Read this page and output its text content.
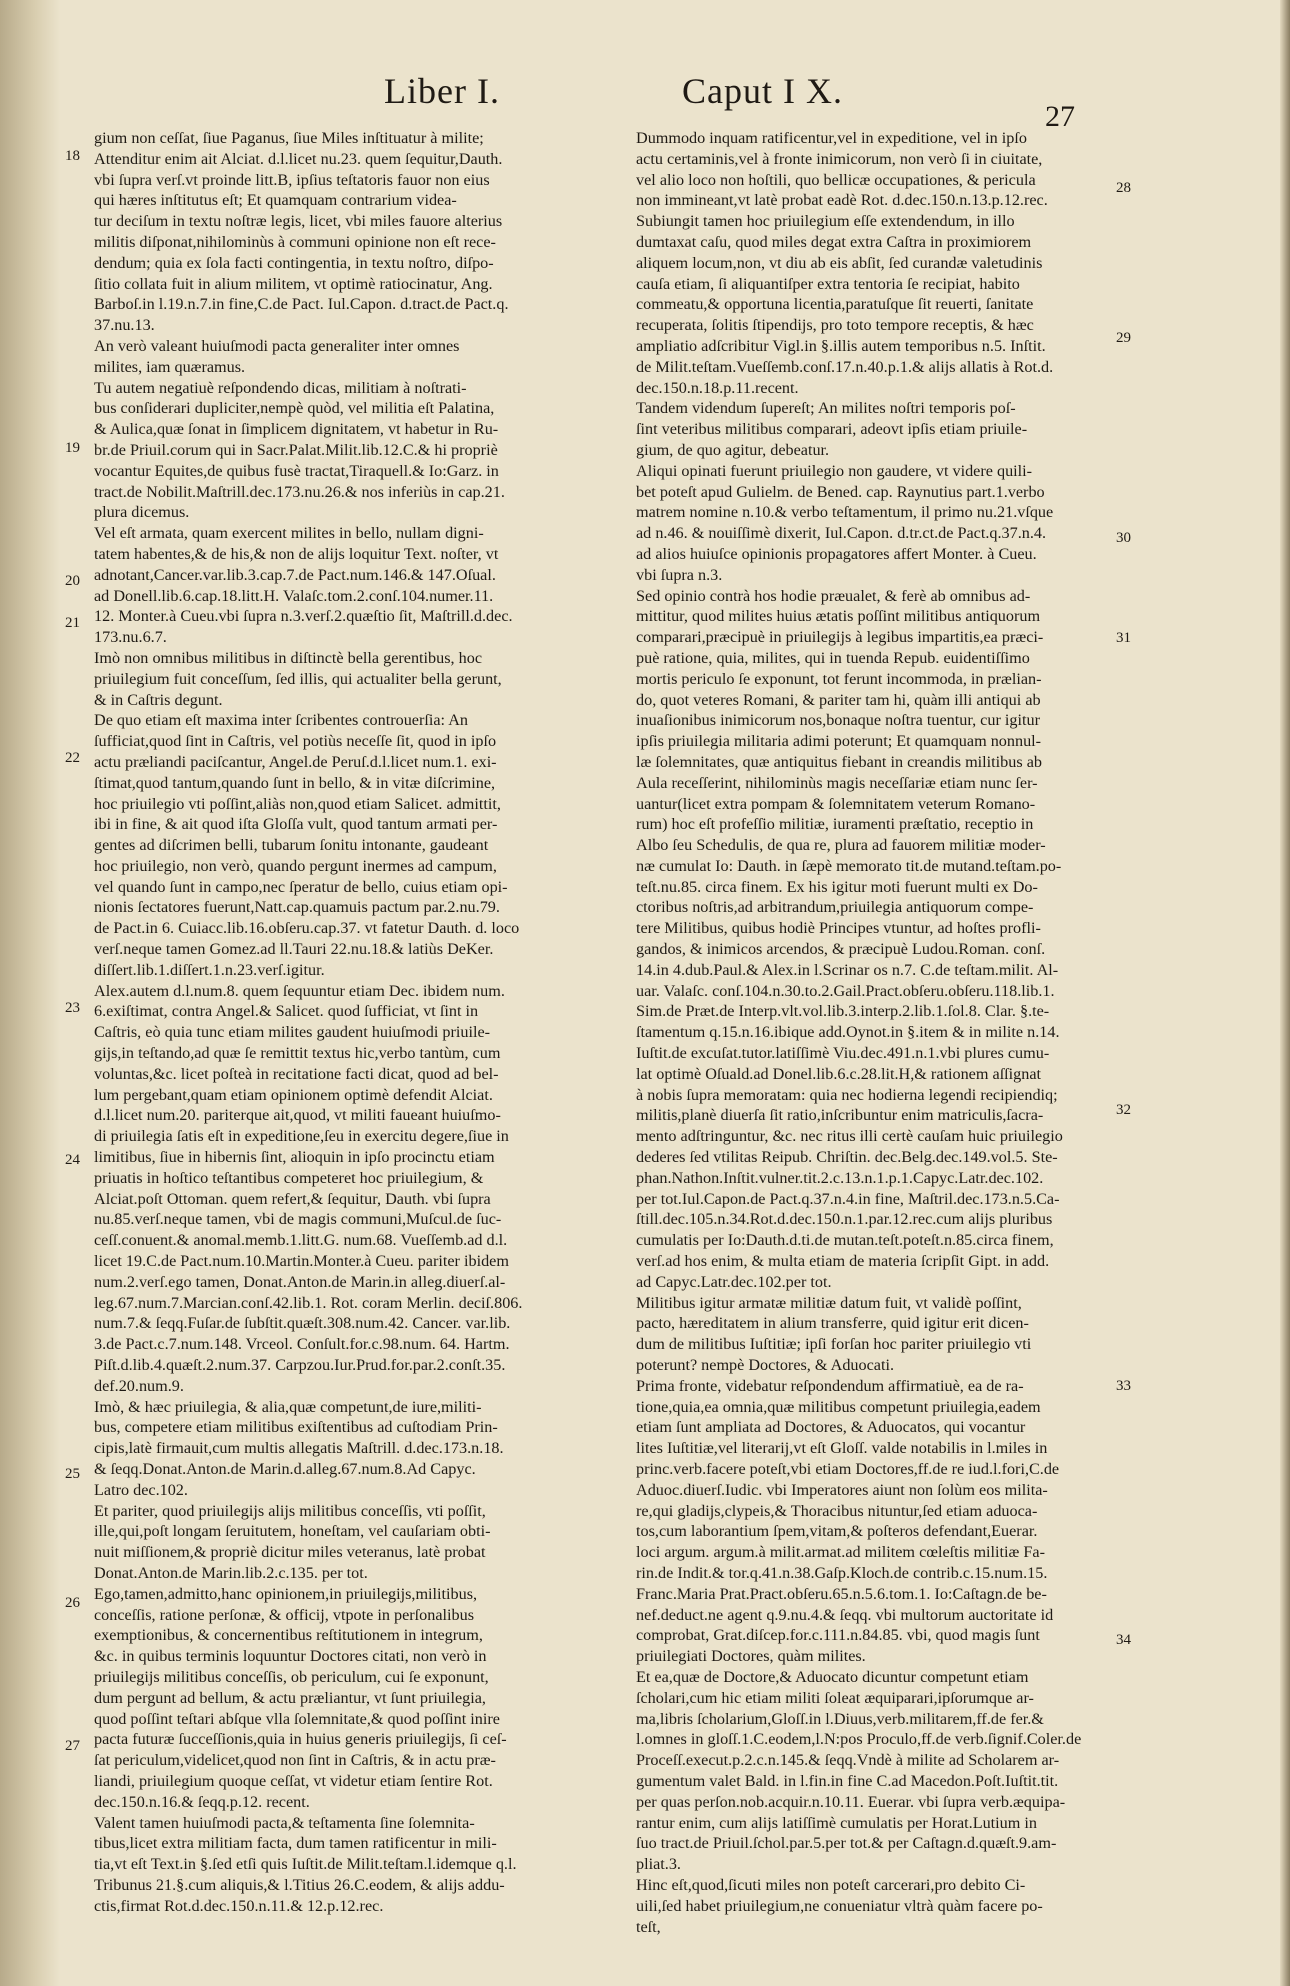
Liber I.	Caput I X.
27
gium non ceſſat, ſiue Paganus, ſiue Miles inſtituatur à milite;
Attenditur enim ait Alciat. d.l.licet nu.23. quem ſequitur,Dauth.
vbi ſupra verſ.vt proinde litt.B, ipſius teſtatoris fauor non eius
qui hæres inſtitutus eſt; Et quamquam contrarium videa-
tur deciſum in textu noſtræ legis, licet, vbi miles fauore alterius
militis diſponat,nihilominùs à communi opinione non eſt rece-
dendum; quia ex ſola facti contingentia, in textu noſtro, diſpo-
ſitio collata fuit in alium militem, vt optimè ratiocinatur, Ang.
Barboſ.in l.19.n.7.in fine,C.de Pact. Iul.Capon. d.tract.de Pact.q.
37.nu.13.
An verò valeant huiuſmodi pacta generaliter inter omnes
milites, iam quæramus.
Tu autem negatiuè reſpondendo dicas, militiam à noſtrati-
bus conſiderari dupliciter,nempè quòd, vel militia eſt Palatina,
& Aulica,quæ ſonat in ſimplicem dignitatem, vt habetur in Ru-
br.de Priuil.corum qui in Sacr.Palat.Milit.lib.12.C.& hi propriè
vocantur Equites,de quibus fusè tractat,Tiraquell.& Io:Garz. in
tract.de Nobilit.Maſtrill.dec.173.nu.26.& nos inferiùs in cap.21.
plura dicemus.
Vel eſt armata, quam exercent milites in bello, nullam digni-
tatem habentes,& de his,& non de alijs loquitur Text. noſter, vt
adnotant,Cancer.var.lib.3.cap.7.de Pact.num.146.& 147.Oſual.
ad Donell.lib.6.cap.18.litt.H. Valaſc.tom.2.conſ.104.numer.11.
12. Monter.à Cueu.vbi ſupra n.3.verſ.2.quæſtio ſit, Maſtrill.d.dec.
173.nu.6.7.
Imò non omnibus militibus in diſtinctè bella gerentibus, hoc
priuilegium fuit conceſſum, ſed illis, qui actualiter bella gerunt,
& in Caſtris degunt.
De quo etiam eſt maxima inter ſcribentes controuerſia: An
ſufficiat,quod ſint in Caſtris, vel potiùs neceſſe ſit, quod in ipſo
actu præliandi paciſcantur, Angel.de Peruſ.d.l.licet num.1. exi-
ſtimat,quod tantum,quando ſunt in bello, & in vitæ diſcrimine,
hoc priuilegio vti poſſint,aliàs non,quod etiam Salicet. admittit,
ibi in fine, & ait quod iſta Gloſſa vult, quod tantum armati per-
gentes ad diſcrimen belli, tubarum ſonitu intonante, gaudeant
hoc priuilegio, non verò, quando pergunt inermes ad campum,
vel quando ſunt in campo,nec ſperatur de bello, cuius etiam opi-
nionis ſectatores fuerunt,Natt.cap.quamuis pactum par.2.nu.79.
de Pact.in 6. Cuiacc.lib.16.obſeru.cap.37. vt fatetur Dauth. d. loco
verſ.neque tamen Gomez.ad ll.Tauri 22.nu.18.& latiùs DeKer.
diſſert.lib.1.diſſert.1.n.23.verſ.igitur.
Alex.autem d.l.num.8. quem ſequuntur etiam Dec. ibidem num.
6.exiſtimat, contra Angel.& Salicet. quod ſufficiat, vt ſint in
Caſtris, eò quia tunc etiam milites gaudent huiuſmodi priuile-
gijs,in teſtando,ad quæ ſe remittit textus hic,verbo tantùm, cum
voluntas,&c. licet poſteà in recitatione facti dicat, quod ad bel-
lum pergebant,quam etiam opinionem optimè defendit Alciat.
d.l.licet num.20. pariterque ait,quod, vt militi faueant huiuſmo-
di priuilegia ſatis eſt in expeditione,ſeu in exercitu degere,ſiue in
limitibus, ſiue in hibernis ſint, alioquin in ipſo procinctu etiam
priuatis in hoſtico teſtantibus competeret hoc priuilegium, &
Alciat.poſt Ottoman. quem refert,& ſequitur, Dauth. vbi ſupra
nu.85.verſ.neque tamen, vbi de magis communi,Muſcul.de ſuc-
ceſſ.conuent.& anomal.memb.1.litt.G. num.68. Vueſſemb.ad d.l.
licet 19.C.de Pact.num.10.Martin.Monter.à Cueu. pariter ibidem
num.2.verſ.ego tamen, Donat.Anton.de Marin.in alleg.diuerſ.al-
leg.67.num.7.Marcian.conſ.42.lib.1. Rot. coram Merlin. deciſ.806.
num.7.& ſeqq.Fuſar.de ſubſtit.quæſt.308.num.42. Cancer. var.lib.
3.de Pact.c.7.num.148. Vrceol. Conſult.for.c.98.num. 64. Hartm.
Piſt.d.lib.4.quæſt.2.num.37. Carpzou.Iur.Prud.for.par.2.conſt.35.
def.20.num.9.
Imò, & hæc priuilegia, & alia,quæ competunt,de iure,militi-
bus, competere etiam militibus exiſtentibus ad cuſtodiam Prin-
cipis,latè firmauit,cum multis allegatis Maſtrill. d.dec.173.n.18.
& ſeqq.Donat.Anton.de Marin.d.alleg.67.num.8.Ad Capyc.
Latro dec.102.
Et pariter, quod priuilegijs alijs militibus conceſſis, vti poſſit,
ille,qui,poſt longam ſeruitutem, honeſtam, vel cauſariam obti-
nuit miſſionem,& propriè dicitur miles veteranus, latè probat
Donat.Anton.de Marin.lib.2.c.135. per tot.
Ego,tamen,admitto,hanc opinionem,in priuilegijs,militibus,
conceſſis, ratione perſonæ, & officij, vtpote in perſonalibus
exemptionibus, & concernentibus reſtitutionem in integrum,
&c. in quibus terminis loquuntur Doctores citati, non verò in
priuilegijs militibus conceſſis, ob periculum, cui ſe exponunt,
dum pergunt ad bellum, & actu præliantur, vt ſunt priuilegia,
quod poſſint teſtari abſque vlla ſolemnitate,& quod poſſint inire
pacta futuræ ſucceſſionis,quia in huius generis priuilegijs, ſi ceſ-
ſat periculum,videlicet,quod non ſint in Caſtris, & in actu præ-
liandi, priuilegium quoque ceſſat, vt videtur etiam ſentire Rot.
dec.150.n.16.& ſeqq.p.12. recent.
Valent tamen huiuſmodi pacta,& teſtamenta ſine ſolemnita-
tibus,licet extra militiam facta, dum tamen ratificentur in mili-
tia,vt eſt Text.in §.ſed etſi quis Iuſtit.de Milit.teſtam.l.idemque q.l.
Tribunus 21.§.cum aliquis,& l.Titius 26.C.eodem, & alijs addu-
ctis,firmat Rot.d.dec.150.n.11.& 12.p.12.rec.
Dummodo inquam ratificentur,vel in expeditione, vel in ipſo
actu certaminis,vel à fronte inimicorum, non verò ſi in ciuitate,
vel alio loco non hoſtili, quo bellicæ occupationes, & pericula
non immineant,vt latè probat eadè Rot. d.dec.150.n.13.p.12.rec.
Subiungit tamen hoc priuilegium eſſe extendendum, in illo
dumtaxat caſu, quod miles degat extra Caſtra in proximiorem
aliquem locum,non, vt diu ab eis abſit, ſed curandæ valetudinis
cauſa etiam, ſi aliquantiſper extra tentoria ſe recipiat, habito
commeatu,& opportuna licentia,paratuſque ſit reuerti, ſanitate
recuperata, ſolitis ſtipendijs, pro toto tempore receptis, & hæc
ampliatio adſcribitur Vigl.in §.illis autem temporibus n.5. Inſtit.
de Milit.teſtam.Vueſſemb.conſ.17.n.40.p.1.& alijs allatis à Rot.d.
dec.150.n.18.p.11.recent.
Tandem videndum ſupereſt; An milites noſtri temporis poſ-
ſint veteribus militibus comparari, adeovt ipſis etiam priuile-
gium, de quo agitur, debeatur.
Aliqui opinati fuerunt priuilegio non gaudere, vt videre quili-
bet poteſt apud Gulielm. de Bened. cap. Raynutius part.1.verbo
matrem nomine n.10.& verbo teſtamentum, il primo nu.21.vſque
ad n.46. & nouiſſimè dixerit, Iul.Capon. d.tr.ct.de Pact.q.37.n.4.
ad alios huiuſce opinionis propagatores affert Monter. à Cueu.
vbi ſupra n.3.
Sed opinio contrà hos hodie præualet, & ferè ab omnibus ad-
mittitur, quod milites huius ætatis poſſint militibus antiquorum
comparari,præcipuè in priuilegijs à legibus impartitis,ea præci-
puè ratione, quia, milites, qui in tuenda Repub. euidentiſſimo
mortis periculo ſe exponunt, tot ferunt incommoda, in prælian-
do, quot veteres Romani, & pariter tam hi, quàm illi antiqui ab
inuaſionibus inimicorum nos,bonaque noſtra tuentur, cur igitur
ipſis priuilegia militaria adimi poterunt; Et quamquam nonnul-
læ ſolemnitates, quæ antiquitus fiebant in creandis militibus ab
Aula receſſerint, nihilominùs magis neceſſariæ etiam nunc ſer-
uantur(licet extra pompam & ſolemnitatem veterum Romano-
rum) hoc eſt profeſſio militiæ, iuramenti præſtatio, receptio in
Albo ſeu Schedulis, de qua re, plura ad fauorem militiæ moder-
næ cumulat Io: Dauth. in ſæpè memorato tit.de mutand.teſtam.po-
teſt.nu.85. circa finem. Ex his igitur moti fuerunt multi ex Do-
ctoribus noſtris,ad arbitrandum,priuilegia antiquorum compe-
tere Militibus, quibus hodiè Principes vtuntur, ad hoſtes profli-
gandos, & inimicos arcendos, & præcipuè Ludou.Roman. conſ.
14.in 4.dub.Paul.& Alex.in l.Scrinar os n.7. C.de teſtam.milit. Al-
uar. Valaſc. conſ.104.n.30.to.2.Gail.Pract.obſeru.obſeru.118.lib.1.
Sim.de Præt.de Interp.vlt.vol.lib.3.interp.2.lib.1.ſol.8. Clar. §.te-
ſtamentum q.15.n.16.ibique add.Oynot.in §.item & in milite n.14.
Iuſtit.de excuſat.tutor.latiſſimè Viu.dec.491.n.1.vbi plures cumu-
lat optimè Oſuald.ad Donel.lib.6.c.28.lit.H,& rationem aſſignat
à nobis ſupra memoratam: quia nec hodierna legendi recipiendiq;
militis,planè diuerſa ſit ratio,inſcribuntur enim matriculis,ſacra-
mento adſtringuntur, &c. nec ritus illi certè cauſam huic priuilegio
dederes ſed vtilitas Reipub. Chriſtin. dec.Belg.dec.149.vol.5. Ste-
phan.Nathon.Inſtit.vulner.tit.2.c.13.n.1.p.1.Capyc.Latr.dec.102.
per tot.Iul.Capon.de Pact.q.37.n.4.in fine, Maſtril.dec.173.n.5.Ca-
ſtill.dec.105.n.34.Rot.d.dec.150.n.1.par.12.rec.cum alijs pluribus
cumulatis per Io:Dauth.d.ti.de mutan.teſt.poteſt.n.85.circa finem,
verſ.ad hos enim, & multa etiam de materia ſcripſit Gipt. in add.
ad Capyc.Latr.dec.102.per tot.
Militibus igitur armatæ militiæ datum fuit, vt validè poſſint,
pacto, hæreditatem in alium transferre, quid igitur erit dicen-
dum de militibus Iuſtitiæ; ipſi forſan hoc pariter priuilegio vti
poterunt? nempè Doctores, & Aduocati.
Prima fronte, videbatur reſpondendum affirmatiuè, ea de ra-
tione,quia,ea omnia,quæ militibus competunt priuilegia,eadem
etiam ſunt ampliata ad Doctores, & Aduocatos, qui vocantur
lites Iuſtitiæ,vel literarij,vt eſt Gloſſ. valde notabilis in l.miles in
princ.verb.facere poteſt,vbi etiam Doctores,ff.de re iud.l.fori,C.de
Aduoc.diuerſ.Iudic. vbi Imperatores aiunt non ſolùm eos milita-
re,qui gladijs,clypeis,& Thoracibus nituntur,ſed etiam aduoca-
tos,cum laborantium ſpem,vitam,& poſteros defendant,Euerar.
loci argum. argum.à milit.armat.ad militem cœleſtis militiæ Fa-
rin.de Indit.& tor.q.41.n.38.Gaſp.Kloch.de contrib.c.15.num.15.
Franc.Maria Prat.Pract.obſeru.65.n.5.6.tom.1. Io:Caſtagn.de be-
nef.deduct.ne agent q.9.nu.4.& ſeqq. vbi multorum auctoritate id
comprobat, Grat.diſcep.for.c.111.n.84.85. vbi, quod magis ſunt
priuilegiati Doctores, quàm milites.
Et ea,quæ de Doctore,& Aduocato dicuntur competunt etiam
ſcholari,cum hic etiam militi ſoleat æquiparari,ipſorumque ar-
ma,libris ſcholarium,Gloſſ.in l.Diuus,verb.militarem,ff.de fer.&
l.omnes in gloſſ.1.C.eodem,l.N:pos Proculo,ff.de verb.ſignif.Coler.de
Proceſſ.execut.p.2.c.n.145.& ſeqq.Vndè à milite ad Scholarem ar-
gumentum valet Bald. in l.fin.in fine C.ad Macedon.Poſt.Iuſtit.tit.
per quas perſon.nob.acquir.n.10.11. Euerar. vbi ſupra verb.æquipa-
rantur enim, cum alijs latiſſimè cumulatis per Horat.Lutium in
ſuo tract.de Priuil.ſchol.par.5.per tot.& per Caſtagn.d.quæſt.9.am-
pliat.3.
Hinc eſt,quod,ſicuti miles non poteſt carcerari,pro debito Ci-
uili,ſed habet priuilegium,ne conueniatur vltrà quàm facere po-
teſt,
18
19
20
21
22
23
24
25
26
27
28
29
30
31
32
33
34
